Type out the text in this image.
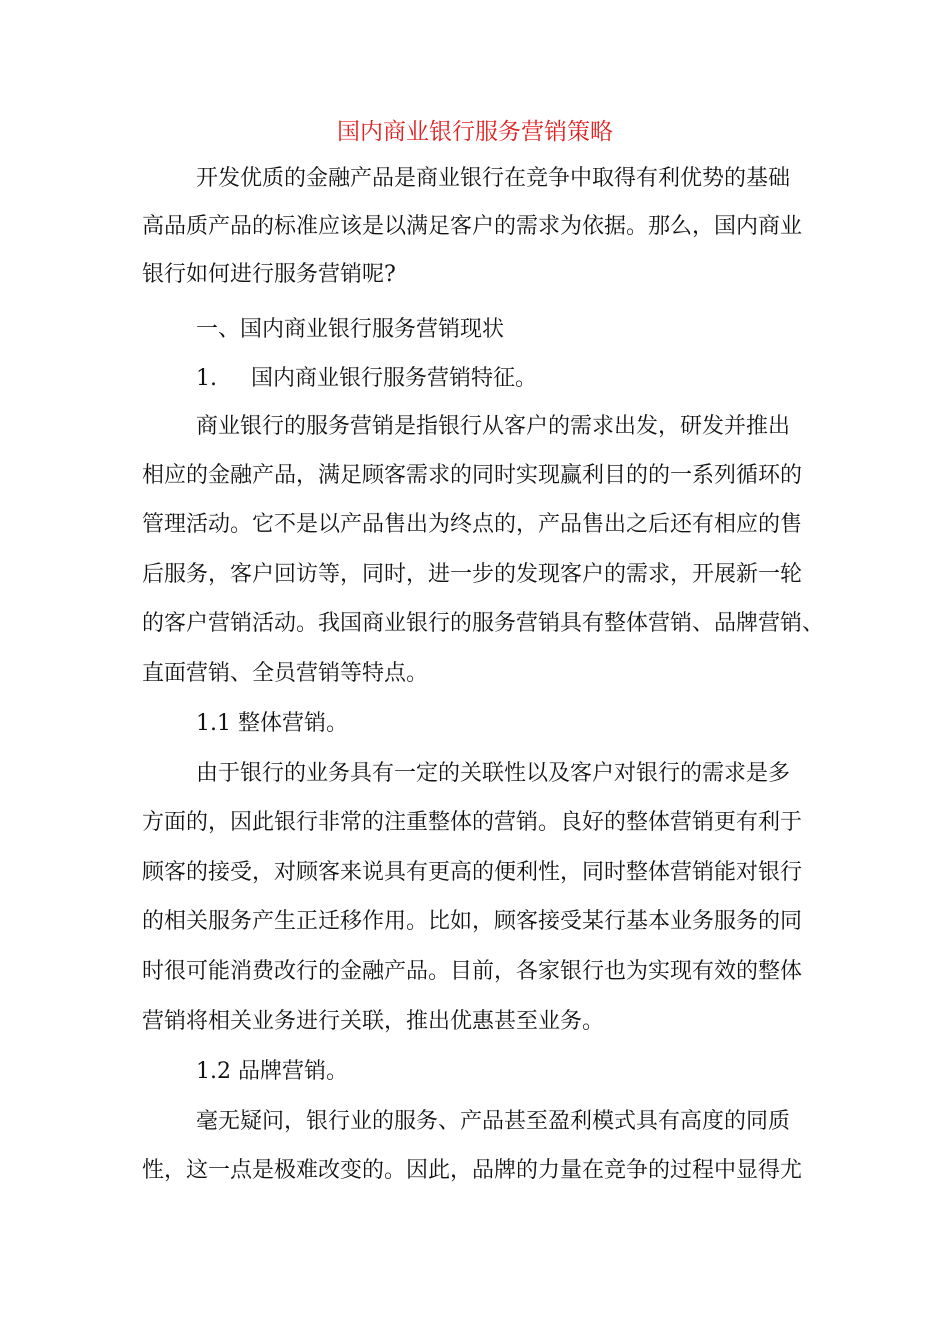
国内商业银行服务营销策略

开发优质的金融产品是商业银行在竞争中取得有利优势的基础

高品质产品的标准应该是以满足客户的需求为依据。那么，国内商业

银行如何进行服务营销呢?

一、国内商业银行服务营销现状

1. 国内商业银行服务营销特征。

商业银行的服务营销是指银行从客户的需求出发，研发并推出

相应的金融产品，满足顾客需求的同时实现赢利目的的一系列循环的

管理活动。它不是以产品售出为终点的，产品售出之后还有相应的售

后服务，客户回访等，同时，进一步的发现客户的需求，开展新一轮

的客户营销活动。我国商业银行的服务营销具有整体营销、品牌营销、

直面营销、全员营销等特点。

1.1 整体营销。

由于银行的业务具有一定的关联性以及客户对银行的需求是多

方面的，因此银行非常的注重整体的营销。良好的整体营销更有利于

顾客的接受，对顾客来说具有更高的便利性，同时整体营销能对银行

的相关服务产生正迁移作用。比如，顾客接受某行基本业务服务的同

时很可能消费改行的金融产品。目前，各家银行也为实现有效的整体

营销将相关业务进行关联，推出优惠甚至业务。

1.2 品牌营销。

毫无疑问，银行业的服务、产品甚至盈利模式具有高度的同质

性，这一点是极难改变的。因此，品牌的力量在竞争的过程中显得尤
